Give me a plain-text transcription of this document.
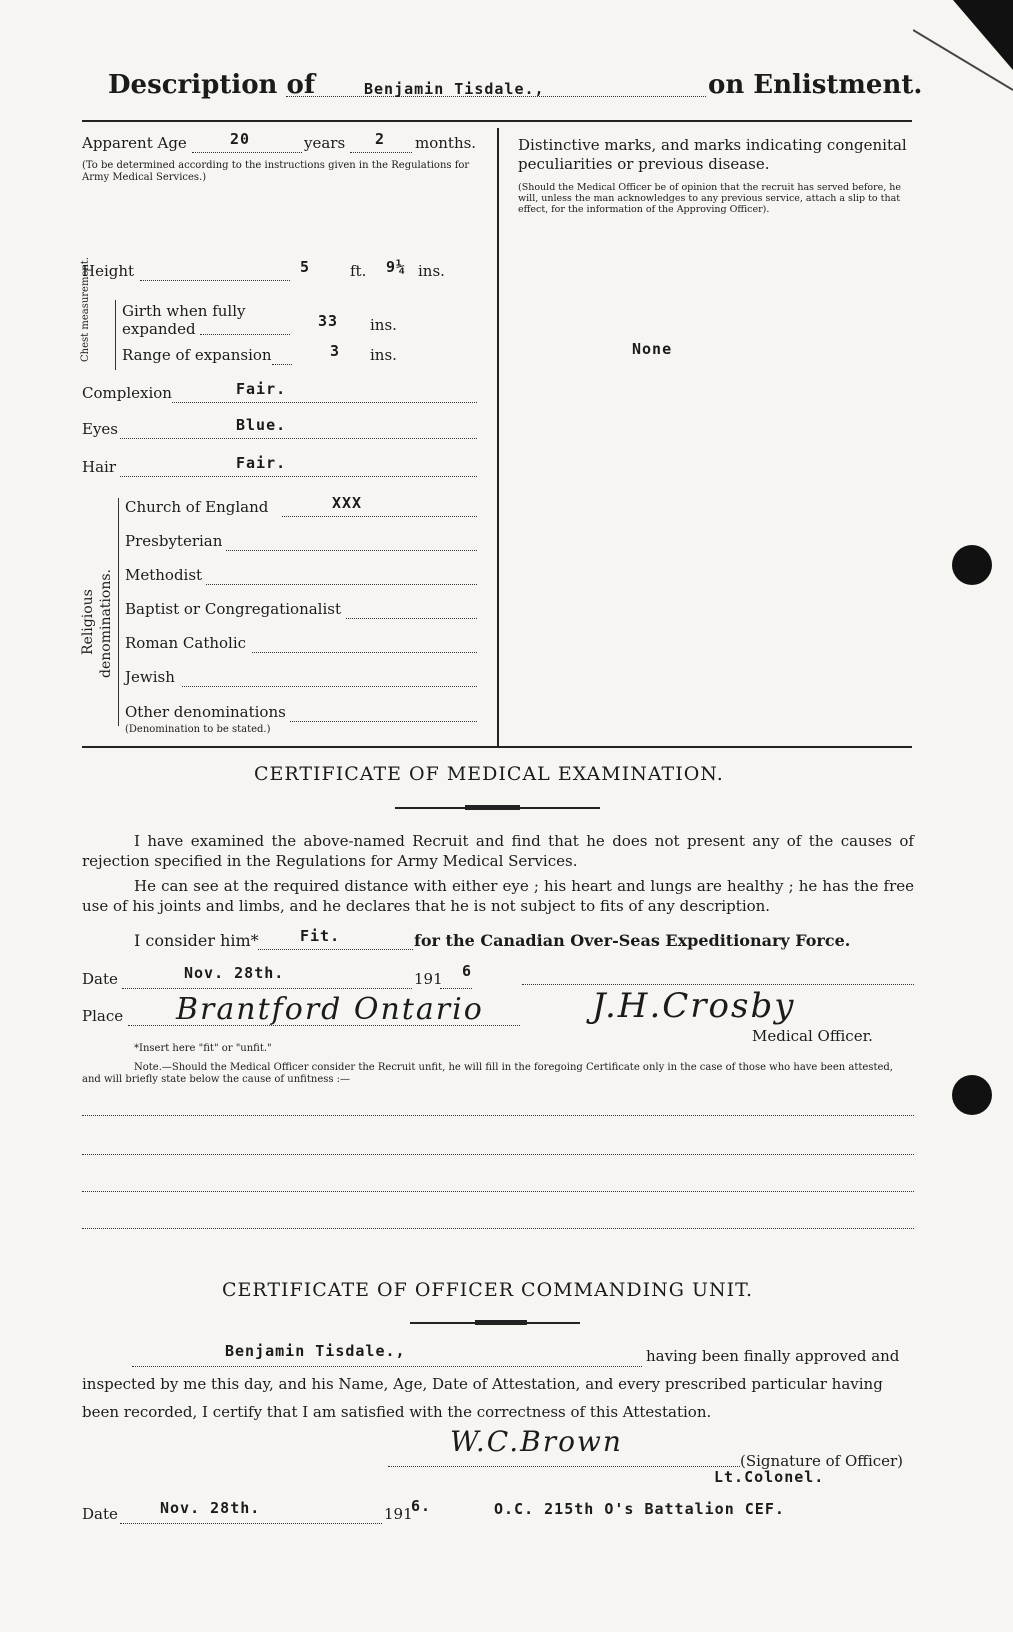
Description of	Benjamin Tisdale.,	on Enlistment.
Apparent Age	20	years 2 months.
(To be determined according to the instructions given in the Regulations for Army Medical Services.)
Height	5	ft. 9¼ ins.
Chest measurement. Girth when fully expanded	33 ins.
Range of expansion	3 ins.
Complexion	Fair.
Eyes	Blue.
Hair	Fair.
Religious denominations.
Church of England	XXX
Presbyterian
Methodist
Baptist or Congregationalist
Roman Catholic
Jewish
Other denominations
(Denomination to be stated.)
Distinctive marks, and marks indicating congenital peculiarities or previous disease.
(Should the Medical Officer be of opinion that the recruit has served before, he will, unless the man acknowledges to any previous service, attach a slip to that effect, for the information of the Approving Officer).
None
CERTIFICATE OF MEDICAL EXAMINATION.
I have examined the above-named Recruit and find that he does not present any of the causes of rejection specified in the Regulations for Army Medical Services.
He can see at the required distance with either eye ; his heart and lungs are healthy ; he has the free use of his joints and limbs, and he declares that he is not subject to fits of any description.
I consider him*	Fit.	for the Canadian Over-Seas Expeditionary Force.
Date	Nov. 28th.	191 6
Place Brantford Ontario	J.H.Crosby
Medical Officer.
*Insert here "fit" or "unfit."
Note.—Should the Medical Officer consider the Recruit unfit, he will fill in the foregoing Certificate only in the case of those who have been attested, and will briefly state below the cause of unfitness :—
CERTIFICATE OF OFFICER COMMANDING UNIT.
Benjamin Tisdale.,	having been finally approved and
inspected by me this day, and his Name, Age, Date of Attestation, and every prescribed particular having
been recorded, I certify that I am satisfied with the correctness of this Attestation.
W.C.Brown
(Signature of Officer)
Lt.Colonel.
Date	Nov. 28th.	191
6.	O.C. 215th O's Battalion CEF.
